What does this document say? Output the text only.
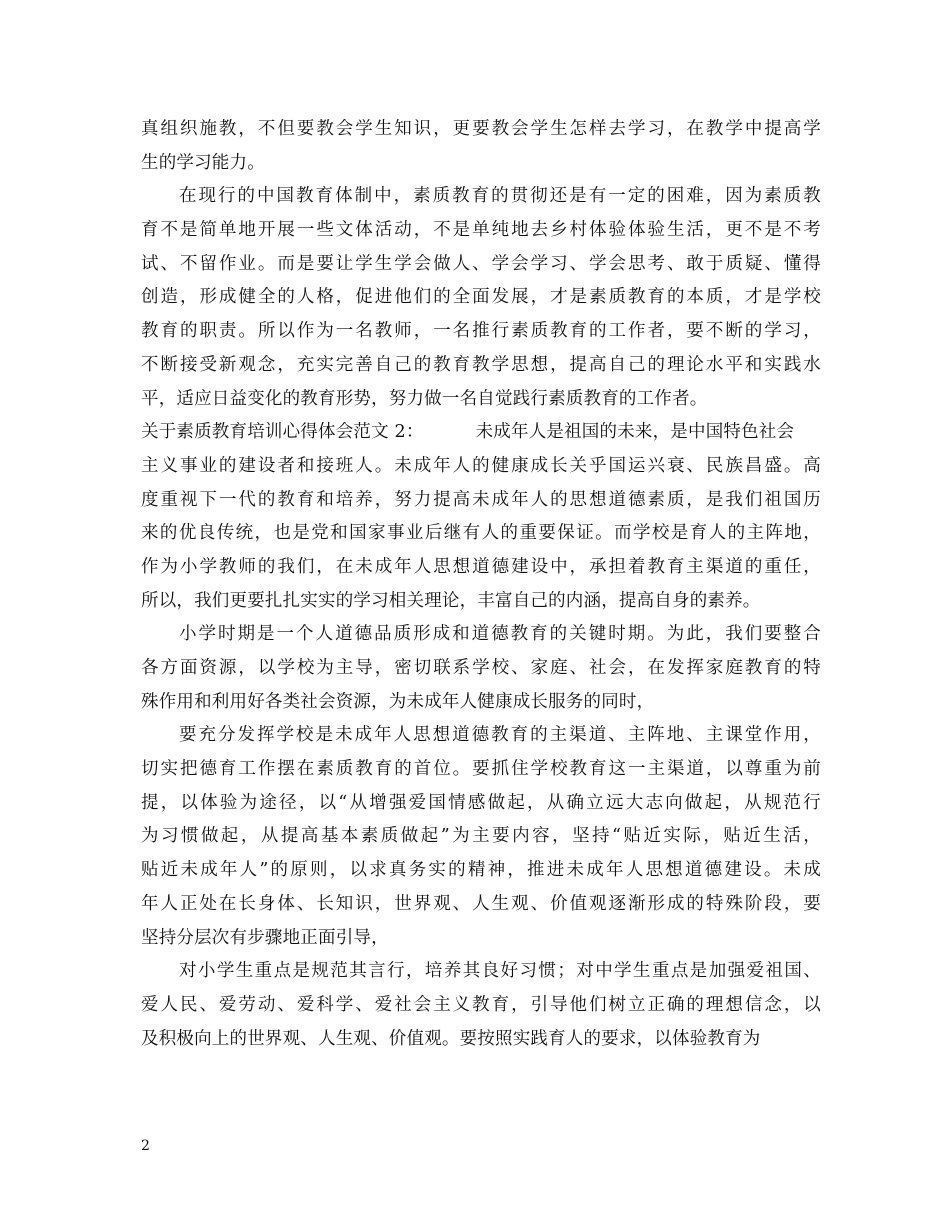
真组织施教，不但要教会学生知识，更要教会学生怎样去学习，在教学中提高学
生的学习能力。
在现行的中国教育体制中，素质教育的贯彻还是有一定的困难，因为素质教
育不是简单地开展一些文体活动，不是单纯地去乡村体验体验生活，更不是不考
试、不留作业。而是要让学生学会做人、学会学习、学会思考、敢于质疑、懂得
创造，形成健全的人格，促进他们的全面发展，才是素质教育的本质，才是学校
教育的职责。所以作为一名教师，一名推行素质教育的工作者，要不断的学习，
不断接受新观念，充实完善自己的教育教学思想，提高自己的理论水平和实践水
平，适应日益变化的教育形势，努力做一名自觉践行素质教育的工作者。
关于素质教育培训心得体会范文 2：	未成年人是祖国的未来，是中国特色社会
主义事业的建设者和接班人。未成年人的健康成长关乎国运兴衰、民族昌盛。高
度重视下一代的教育和培养，努力提高未成年人的思想道德素质，是我们祖国历
来的优良传统，也是党和国家事业后继有人的重要保证。而学校是育人的主阵地，
作为小学教师的我们，在未成年人思想道德建设中，承担着教育主渠道的重任，
所以，我们更要扎扎实实的学习相关理论，丰富自己的内涵，提高自身的素养。
小学时期是一个人道德品质形成和道德教育的关键时期。为此，我们要整合
各方面资源，以学校为主导，密切联系学校、家庭、社会，在发挥家庭教育的特
殊作用和利用好各类社会资源，为未成年人健康成长服务的同时，
要充分发挥学校是未成年人思想道德教育的主渠道、主阵地、主课堂作用，
切实把德育工作摆在素质教育的首位。要抓住学校教育这一主渠道，以尊重为前
提，以体验为途径，以“从增强爱国情感做起，从确立远大志向做起，从规范行
为习惯做起，从提高基本素质做起”为主要内容，坚持“贴近实际，贴近生活，
贴近未成年人”的原则，以求真务实的精神，推进未成年人思想道德建设。未成
年人正处在长身体、长知识，世界观、人生观、价值观逐渐形成的特殊阶段，要
坚持分层次有步骤地正面引导，
对小学生重点是规范其言行，培养其良好习惯；对中学生重点是加强爱祖国、
爱人民、爱劳动、爱科学、爱社会主义教育，引导他们树立正确的理想信念，以
及积极向上的世界观、人生观、价值观。要按照实践育人的要求，以体验教育为
2
